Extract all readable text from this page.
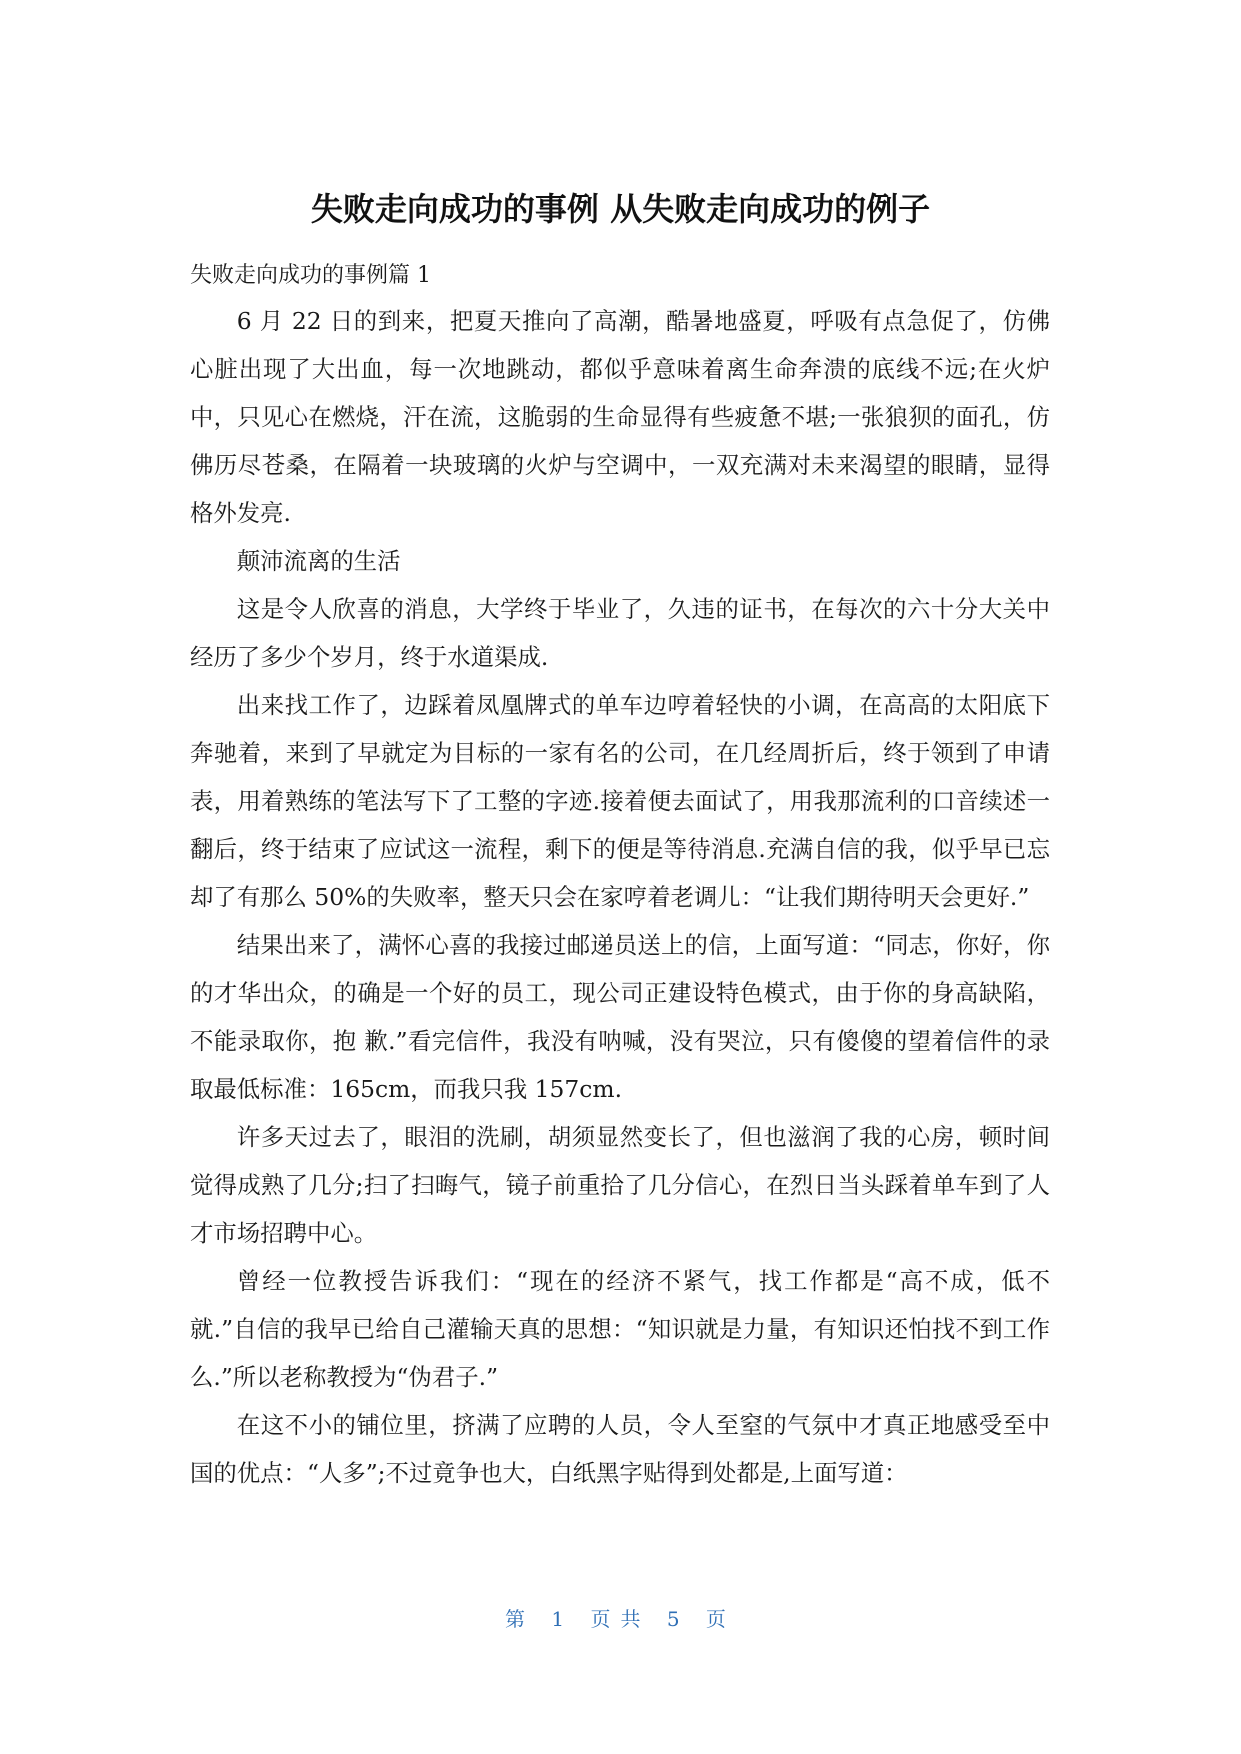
失败走向成功的事例 从失败走向成功的例子

失败走向成功的事例篇 1

6 月 22 日的到来，把夏天推向了高潮，酷暑地盛夏，呼吸有点急促了，仿佛心脏出现了大出血，每一次地跳动，都似乎意味着离生命奔溃的底线不远;在火炉中，只见心在燃烧，汗在流，这脆弱的生命显得有些疲惫不堪;一张狼狈的面孔，仿佛历尽苍桑，在隔着一块玻璃的火炉与空调中，一双充满对未来渴望的眼睛，显得格外发亮.

颠沛流离的生活

这是令人欣喜的消息，大学终于毕业了，久违的证书，在每次的六十分大关中经历了多少个岁月，终于水道渠成.

出来找工作了，边踩着凤凰牌式的单车边哼着轻快的小调，在高高的太阳底下奔驰着，来到了早就定为目标的一家有名的公司，在几经周折后，终于领到了申请表，用着熟练的笔法写下了工整的字迹.接着便去面试了，用我那流利的口音续述一翻后，终于结束了应试这一流程，剩下的便是等待消息.充满自信的我，似乎早已忘却了有那么 50%的失败率，整天只会在家哼着老调儿：“让我们期待明天会更好.”

结果出来了，满怀心喜的我接过邮递员送上的信，上面写道：“同志，你好，你的才华出众，的确是一个好的员工，现公司正建设特色模式，由于你的身高缺陷，不能录取你，抱 歉.”看完信件，我没有呐喊，没有哭泣，只有傻傻的望着信件的录取最低标准：165cm，而我只我 157cm.

许多天过去了，眼泪的洗刷，胡须显然变长了，但也滋润了我的心房，顿时间觉得成熟了几分;扫了扫晦气，镜子前重拾了几分信心，在烈日当头踩着单车到了人才市场招聘中心。

曾经一位教授告诉我们：“现在的经济不紧气，找工作都是“高不成，低不就.”自信的我早已给自己灌输天真的思想：“知识就是力量，有知识还怕找不到工作么.”所以老称教授为“伪君子.”

在这不小的铺位里，挤满了应聘的人员，令人至窒的气氛中才真正地感受至中国的优点：“人多”;不过竟争也大，白纸黑字贴得到处都是,上面写道：

第 1 页共 5 页
